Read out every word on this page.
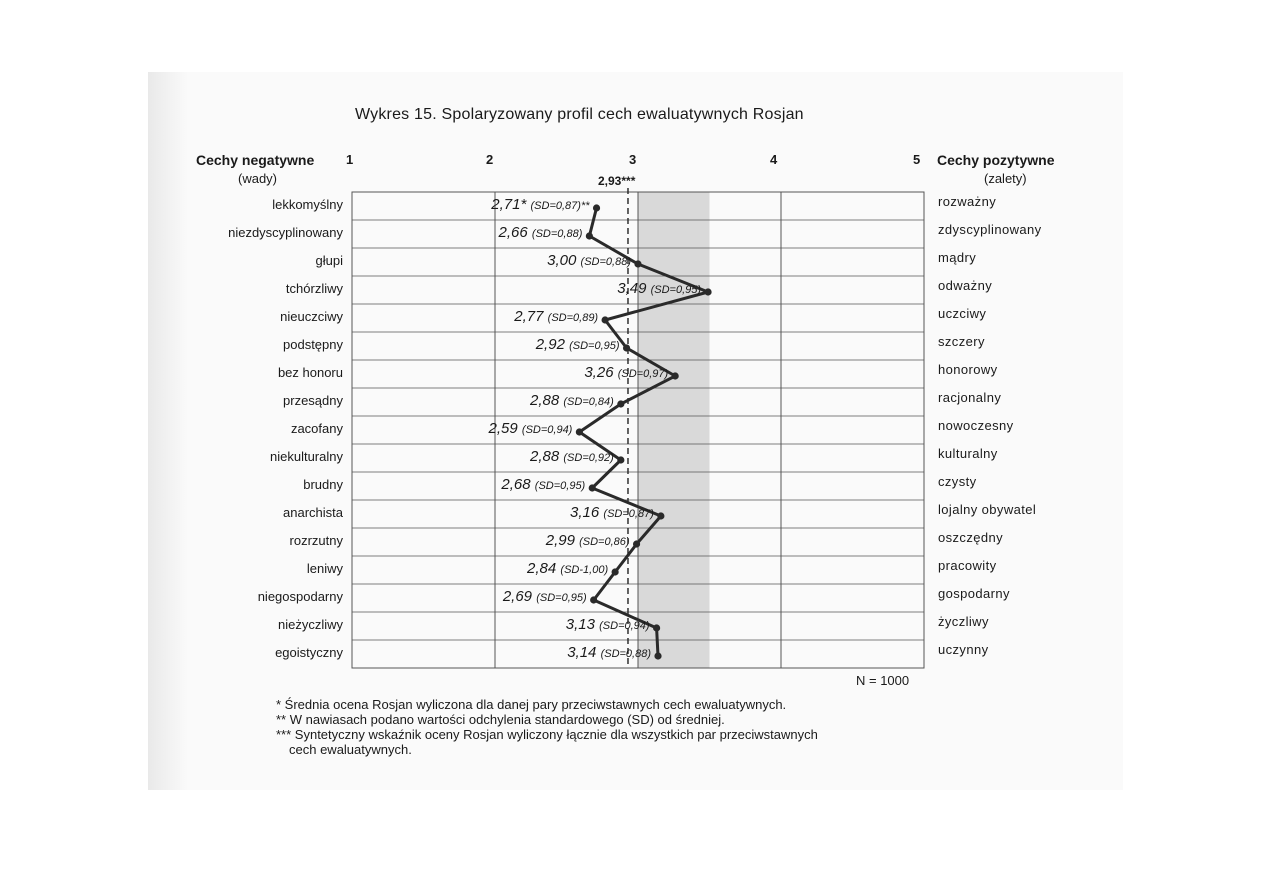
Wykres 15. Spolaryzowany profil cech ewaluatywnych Rosjan
Cechy negatywne
(wady)
Cechy pozytywne
(zalety)
1	2	3	4	5
2,93***
lekkomyślny	rozważny
niezdyscyplinowany	zdyscyplinowany
głupi	mądry
tchórzliwy	odważny
nieuczciwy	uczciwy
podstępny	szczery
bez honoru	honorowy
przesądny	racjonalny
zacofany	nowoczesny
niekulturalny	kulturalny
brudny	czysty
anarchista	lojalny obywatel
rozrzutny	oszczędny
leniwy	pracowity
niegospodarny	gospodarny
nieżyczliwy	życzliwy
egoistyczny	uczynny
2,71* (SD=0,87)**
2,66 (SD=0,88)
3,00 (SD=0,88)
3,49 (SD=0,95)
2,77 (SD=0,89)
2,92 (SD=0,95)
3,26 (SD=0,97)
2,88 (SD=0,84)
2,59 (SD=0,94)
2,88 (SD=0,92)
2,68 (SD=0,95)
3,16 (SD=0,87)
2,99 (SD=0,86)
2,84 (SD-1,00)
2,69 (SD=0,95)
3,13 (SD=0,94)
3,14 (SD=0,88)
N = 1000
* Średnia ocena Rosjan wyliczona dla danej pary przeciwstawnych cech ewaluatywnych.
** W nawiasach podano wartości odchylenia standardowego (SD) od średniej.
*** Syntetyczny wskaźnik oceny Rosjan wyliczony łącznie dla wszystkich par przeciwstawnych
cech ewaluatywnych.
